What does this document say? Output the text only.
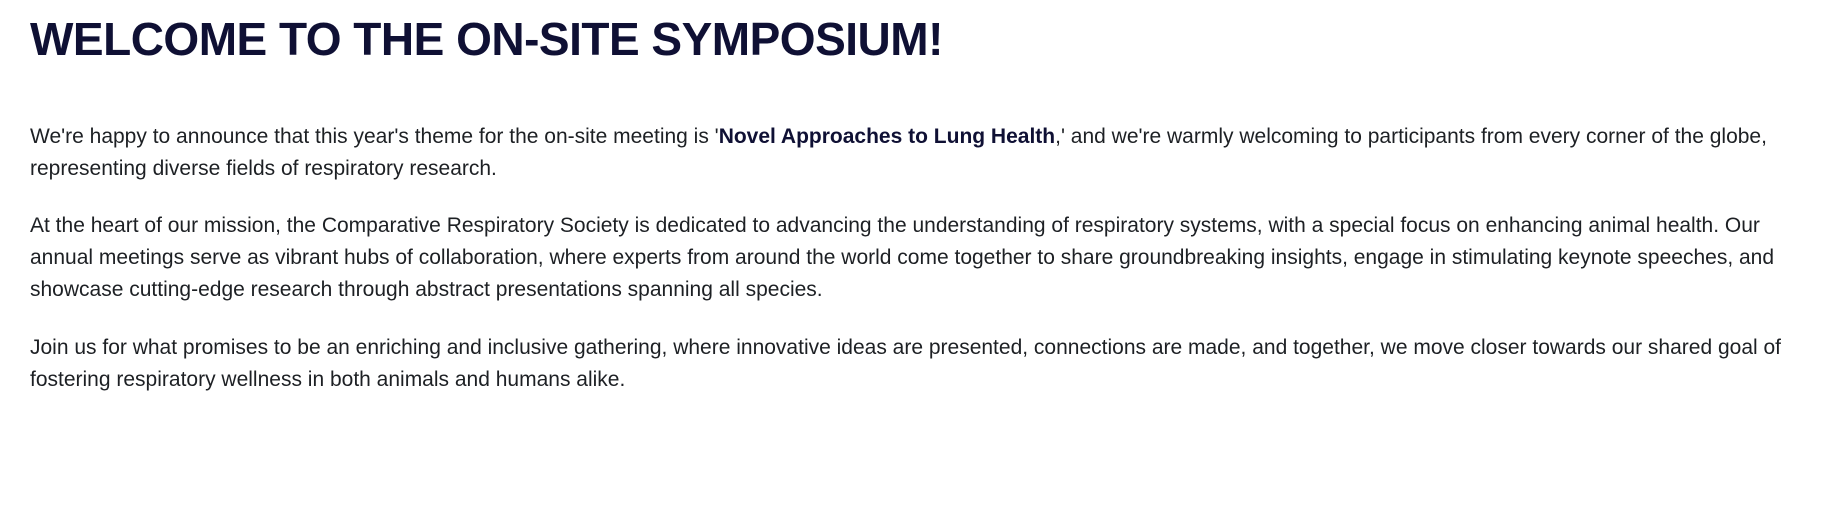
WELCOME TO THE ON-SITE SYMPOSIUM!

We're happy to announce that this year's theme for the on-site meeting is 'Novel Approaches to Lung Health,' and we're warmly welcoming to participants from every corner of the globe, representing diverse fields of respiratory research.

At the heart of our mission, the Comparative Respiratory Society is dedicated to advancing the understanding of respiratory systems, with a special focus on enhancing animal health. Our annual meetings serve as vibrant hubs of collaboration, where experts from around the world come together to share groundbreaking insights, engage in stimulating keynote speeches, and showcase cutting-edge research through abstract presentations spanning all species.

Join us for what promises to be an enriching and inclusive gathering, where innovative ideas are presented, connections are made, and together, we move closer towards our shared goal of fostering respiratory wellness in both animals and humans alike.
